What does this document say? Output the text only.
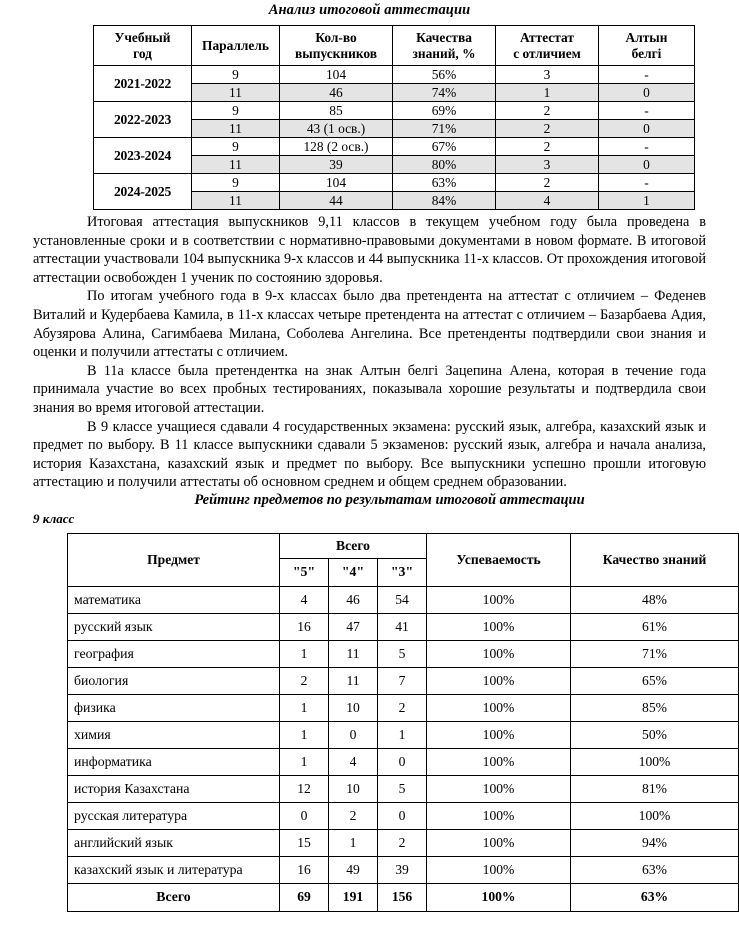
Анализ итоговой аттестации
Учебный
год	Параллель	Кол-во
выпускников	Качества
знаний, %	Аттестат
с отличием	Алтын
белгі
2021-2022	9	104	56%	3	-
	11	46	74%	1	0
2022-2023	9	85	69%	2	-
	11	43 (1 осв.)	71%	2	0
2023-2024	9	128 (2 осв.)	67%	2	-
	11	39	80%	3	0
2024-2025	9	104	63%	2	-
	11	44	84%	4	1

Итоговая аттестация выпускников 9,11 классов в текущем учебном году была проведена в установленные сроки и в соответствии с нормативно-правовыми документами в новом формате. В итоговой аттестации участвовали 104 выпускника 9-х классов и 44 выпускника 11-х классов. От прохождения итоговой аттестации освобожден 1 ученик по состоянию здоровья.

По итогам учебного года в 9-х классах было два претендента на аттестат с отличием – Феденев Виталий и Кудербаева Камила, в 11-х классах четыре претендента на аттестат с отличием – Базарбаева Адия, Абузярова Алина, Сагимбаева Милана, Соболева Ангелина. Все претенденты подтвердили свои знания и оценки и получили аттестаты с отличием.

В 11а классе была претендентка на знак Алтын белгі Зацепина Алена, которая в течение года принимала участие во всех пробных тестированиях, показывала хорошие результаты и подтвердила свои знания во время итоговой аттестации.

В 9 классе учащиеся сдавали 4 государственных экзамена: русский язык, алгебра, казахский язык и предмет по выбору. В 11 классе выпускники сдавали 5 экзаменов: русский язык, алгебра и начала анализа, история Казахстана, казахский язык и предмет по выбору. Все выпускники успешно прошли итоговую аттестацию и получили аттестаты об основном среднем и общем среднем образовании.

Рейтинг предметов по результатам итоговой аттестации
9 класс
Предмет	Всего			Успеваемость	Качество знаний
	"5"	"4"	"3"		
математика	4	46	54	100%	48%
русский язык	16	47	41	100%	61%
география	1	11	5	100%	71%
биология	2	11	7	100%	65%
физика	1	10	2	100%	85%
химия	1	0	1	100%	50%
информатика	1	4	0	100%	100%
история Казахстана	12	10	5	100%	81%
русская литература	0	2	0	100%	100%
английский язык	15	1	2	100%	94%
казахский язык и литература	16	49	39	100%	63%
Всего	69	191	156	100%	63%
